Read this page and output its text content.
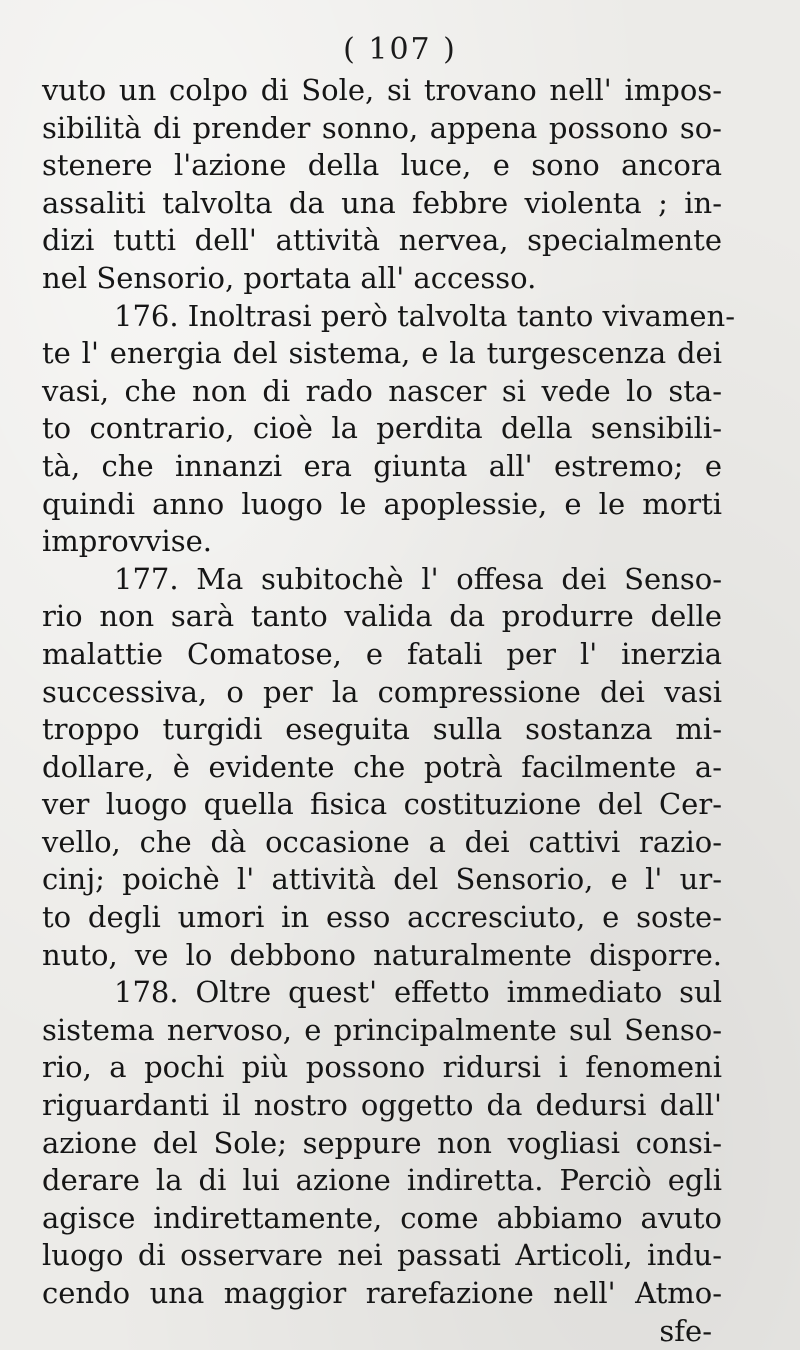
( 107 )
vuto un colpo di Sole, si trovano nell' impos-
sibilità di prender sonno, appena possono so-
stenere l'azione della luce, e sono ancora
assaliti talvolta da una febbre violenta ; in-
dizi tutti dell' attività nervea, specialmente
nel Sensorio, portata all' accesso.
176. Inoltrasi però talvolta tanto vivamen-
te l' energia del sistema, e la turgescenza dei
vasi, che non di rado nascer si vede lo sta-
to contrario, cioè la perdita della sensibili-
tà, che innanzi era giunta all' estremo; e
quindi anno luogo le apoplessie, e le morti
improvvise.
177. Ma subitochè l' offesa dei Senso-
rio non sarà tanto valida da produrre delle
malattie Comatose, e fatali per l' inerzia
successiva, o per la compressione dei vasi
troppo turgidi eseguita sulla sostanza mi-
dollare, è evidente che potrà facilmente a-
ver luogo quella fisica costituzione del Cer-
vello, che dà occasione a dei cattivi razio-
cinj; poichè l' attività del Sensorio, e l' ur-
to degli umori in esso accresciuto, e soste-
nuto, ve lo debbono naturalmente disporre.
178. Oltre quest' effetto immediato sul
sistema nervoso, e principalmente sul Senso-
rio, a pochi più possono ridursi i fenomeni
riguardanti il nostro oggetto da dedursi dall'
azione del Sole; seppure non vogliasi consi-
derare la di lui azione indiretta. Perciò egli
agisce indirettamente, come abbiamo avuto
luogo di osservare nei passati Articoli, indu-
cendo una maggior rarefazione nell' Atmo-
sfe-
